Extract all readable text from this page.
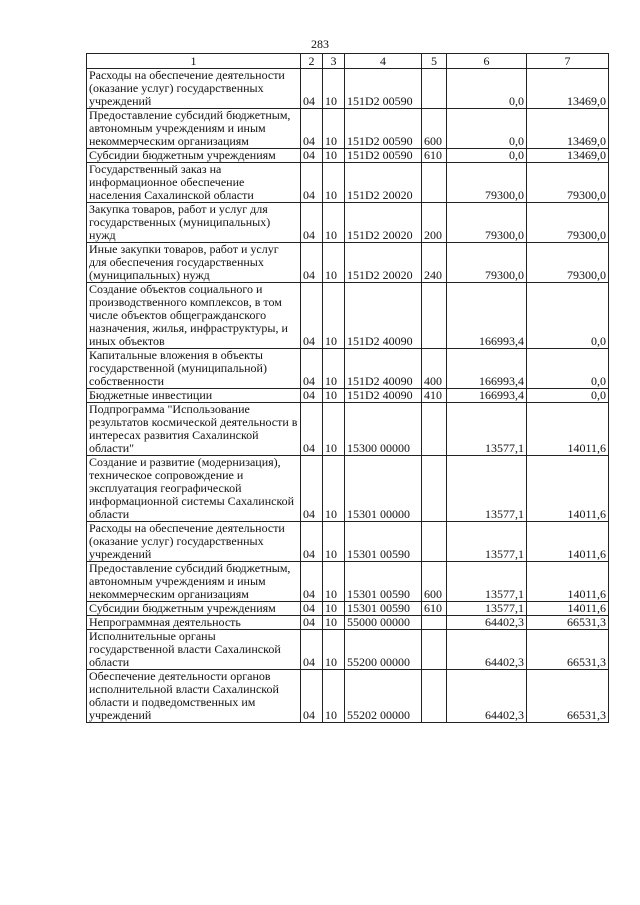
283
1	2	3	4	5	6	7
Расходы на обеспечение деятельности (оказание услуг) государственных учреждений	04	10	151D2 00590		0,0	13469,0
Предоставление субсидий бюджетным, автономным учреждениям и иным некоммерческим организациям	04	10	151D2 00590	600	0,0	13469,0
Субсидии бюджетным учреждениям	04	10	151D2 00590	610	0,0	13469,0
Государственный заказ на информационное обеспечение населения Сахалинской области	04	10	151D2 20020		79300,0	79300,0
Закупка товаров, работ и услуг для государственных (муниципальных) нужд	04	10	151D2 20020	200	79300,0	79300,0
Иные закупки товаров, работ и услуг для обеспечения государственных (муниципальных) нужд	04	10	151D2 20020	240	79300,0	79300,0
Создание объектов социального и производственного комплексов, в том числе объектов общегражданского назначения, жилья, инфраструктуры, и иных объектов	04	10	151D2 40090		166993,4	0,0
Капитальные вложения в объекты государственной (муниципальной) собственности	04	10	151D2 40090	400	166993,4	0,0
Бюджетные инвестиции	04	10	151D2 40090	410	166993,4	0,0
Подпрограмма "Использование результатов космической деятельности в интересах развития Сахалинской области"	04	10	15300 00000		13577,1	14011,6
Создание и развитие (модернизация), техническое сопровождение и эксплуатация географической информационной системы Сахалинской области	04	10	15301 00000		13577,1	14011,6
Расходы на обеспечение деятельности (оказание услуг) государственных учреждений	04	10	15301 00590		13577,1	14011,6
Предоставление субсидий бюджетным, автономным учреждениям и иным некоммерческим организациям	04	10	15301 00590	600	13577,1	14011,6
Субсидии бюджетным учреждениям	04	10	15301 00590	610	13577,1	14011,6
Непрограммная деятельность	04	10	55000 00000		64402,3	66531,3
Исполнительные органы государственной власти Сахалинской области	04	10	55200 00000		64402,3	66531,3
Обеспечение деятельности органов исполнительной власти Сахалинской области и подведомственных им учреждений	04	10	55202 00000		64402,3	66531,3
